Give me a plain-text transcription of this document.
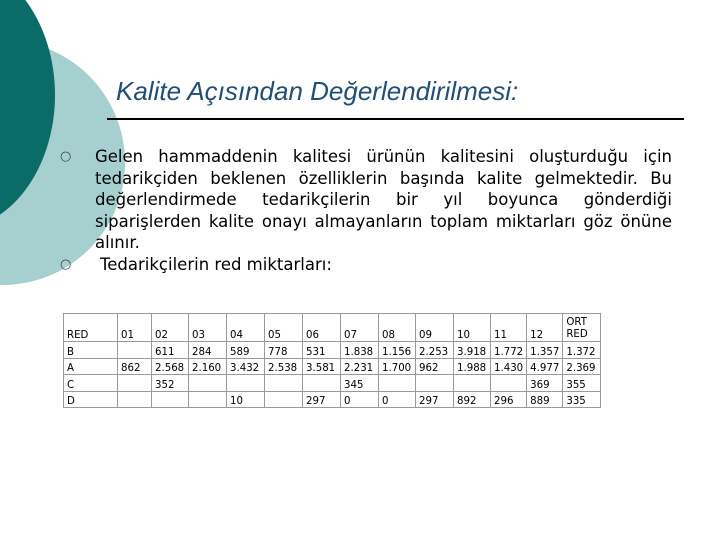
Kalite Açısından Değerlendirilmesi:
○ Gelen hammaddenin kalitesi ürünün kalitesini oluşturduğu için tedarikçiden beklenen özelliklerin başında kalite gelmektedir. Bu değerlendirmede tedarikçilerin bir yıl boyunca gönderdiği siparişlerden kalite onayı almayanların toplam miktarları göz önüne alınır.
○ Tedarikçilerin red miktarları:
RED	01	02	03	04	05	06	07	08	09	10	11	12	ORT RED
B		611	284	589	778	531	1.838	1.156	2.253	3.918	1.772	1.357	1.372
A	862	2.568	2.160	3.432	2.538	3.581	2.231	1.700	962	1.988	1.430	4.977	2.369
C		352					345					369	355
D				10		297	0	0	297	892	296	889	335
